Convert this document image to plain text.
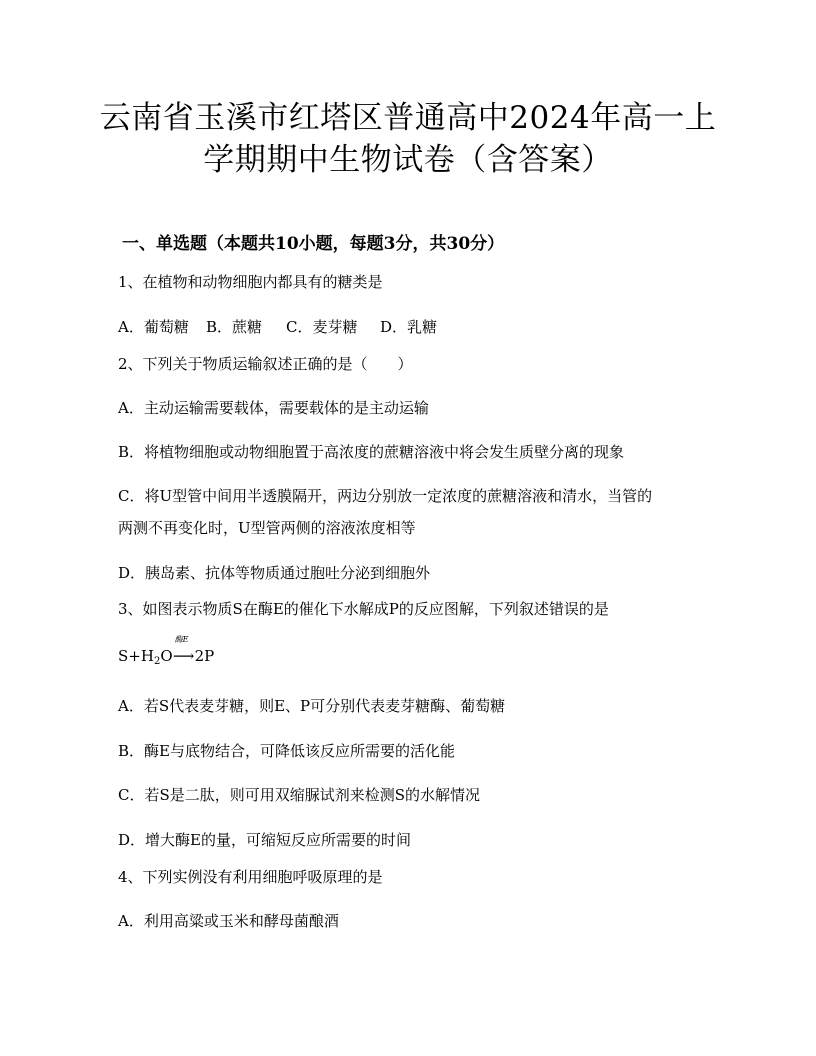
云南省玉溪市红塔区普通高中2024年高一上
学期期中生物试卷（含答案）
一、单选题（本题共10小题，每题3分，共30分）
1、在植物和动物细胞内都具有的糖类是
A．葡萄糖 B．蔗糖 C．麦芽糖 D．乳糖
2、下列关于物质运输叙述正确的是（　　）
A．主动运输需要载体，需要载体的是主动运输
B．将植物细胞或动物细胞置于高浓度的蔗糖溶液中将会发生质壁分离的现象
C．将U型管中间用半透膜隔开，两边分别放一定浓度的蔗糖溶液和清水，当管的
两测不再变化时，U型管两侧的溶液浓度相等
D．胰岛素、抗体等物质通过胞吐分泌到细胞外
3、如图表示物质S在酶E的催化下水解成P的反应图解，下列叙述错误的是
$S+H_2O$
酶E
⟶2P
A．若S代表麦芽糖，则E、P可分别代表麦芽糖酶、葡萄糖
B．酶E与底物结合，可降低该反应所需要的活化能
C．若S是二肽，则可用双缩脲试剂来检测S的水解情况
D．增大酶E的量，可缩短反应所需要的时间
4、下列实例没有利用细胞呼吸原理的是
A．利用高粱或玉米和酵母菌酿酒
